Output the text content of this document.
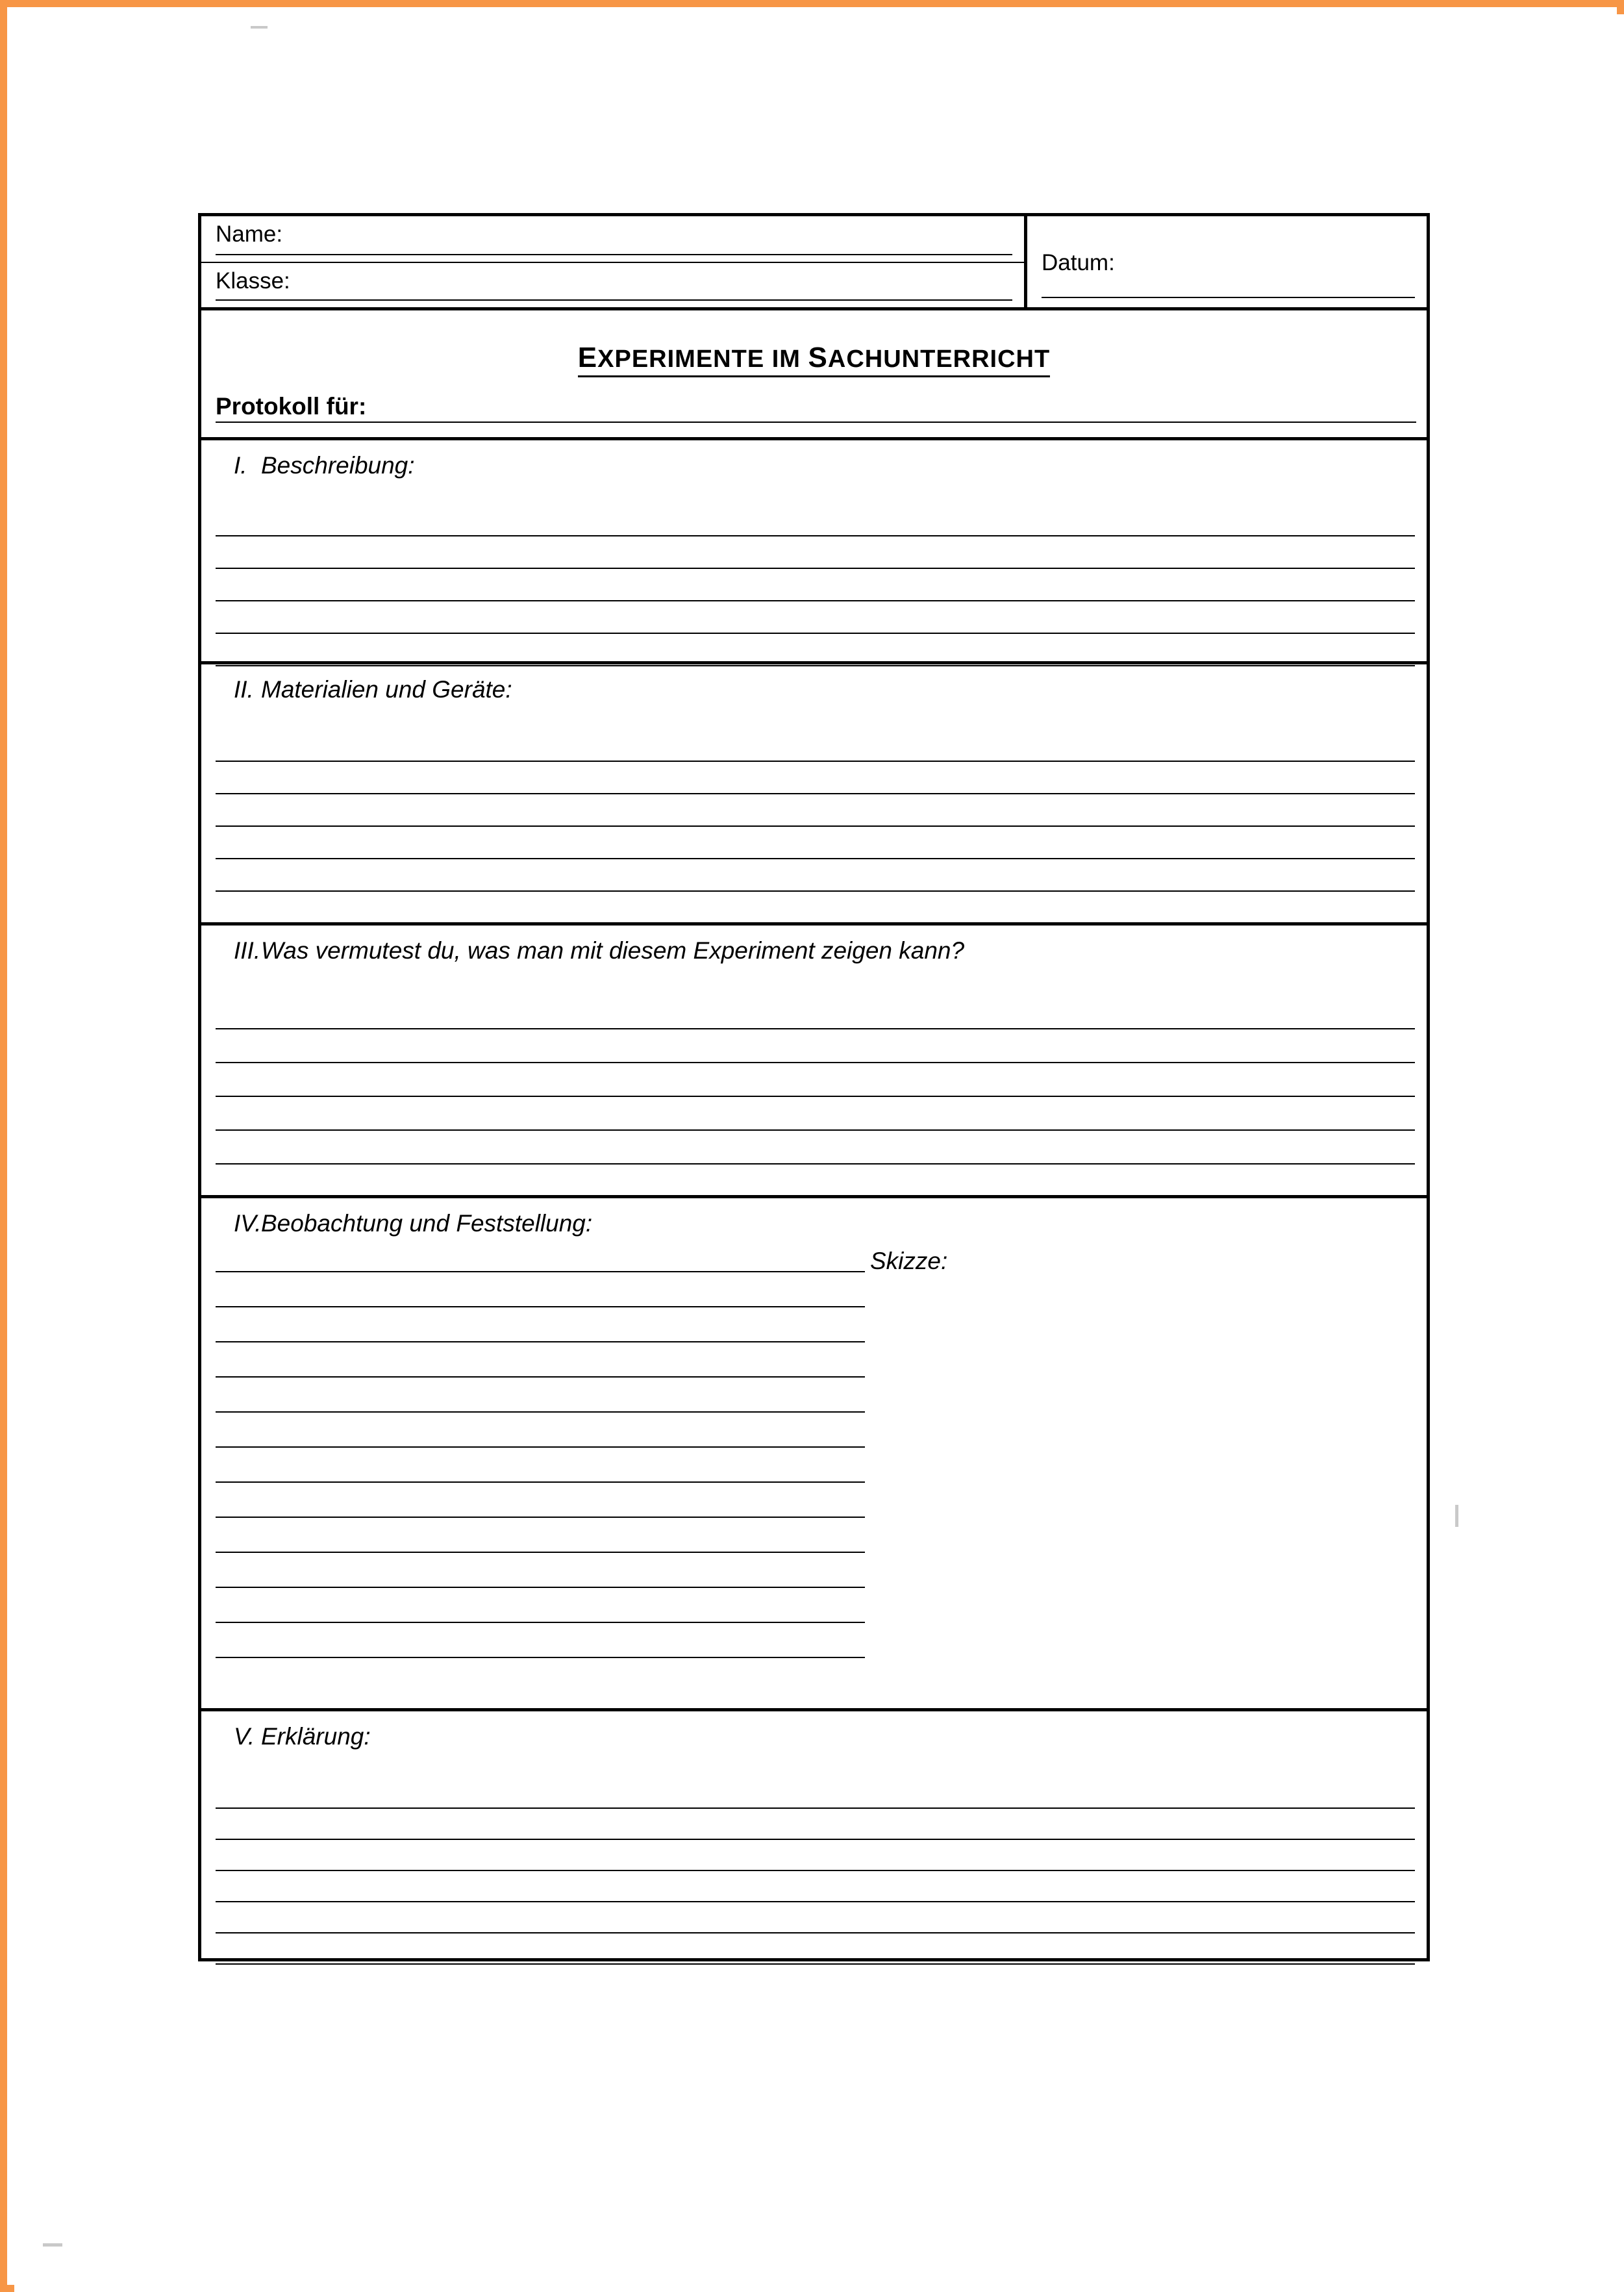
Name:
Klasse:
Datum:
EXPERIMENTE IM SACHUNTERRICHT
Protokoll für:
I. Beschreibung:
II. Materialien und Geräte:
III.Was vermutest du, was man mit diesem Experiment zeigen kann?
IV.Beobachtung und Feststellung:
Skizze:
V. Erklärung:
